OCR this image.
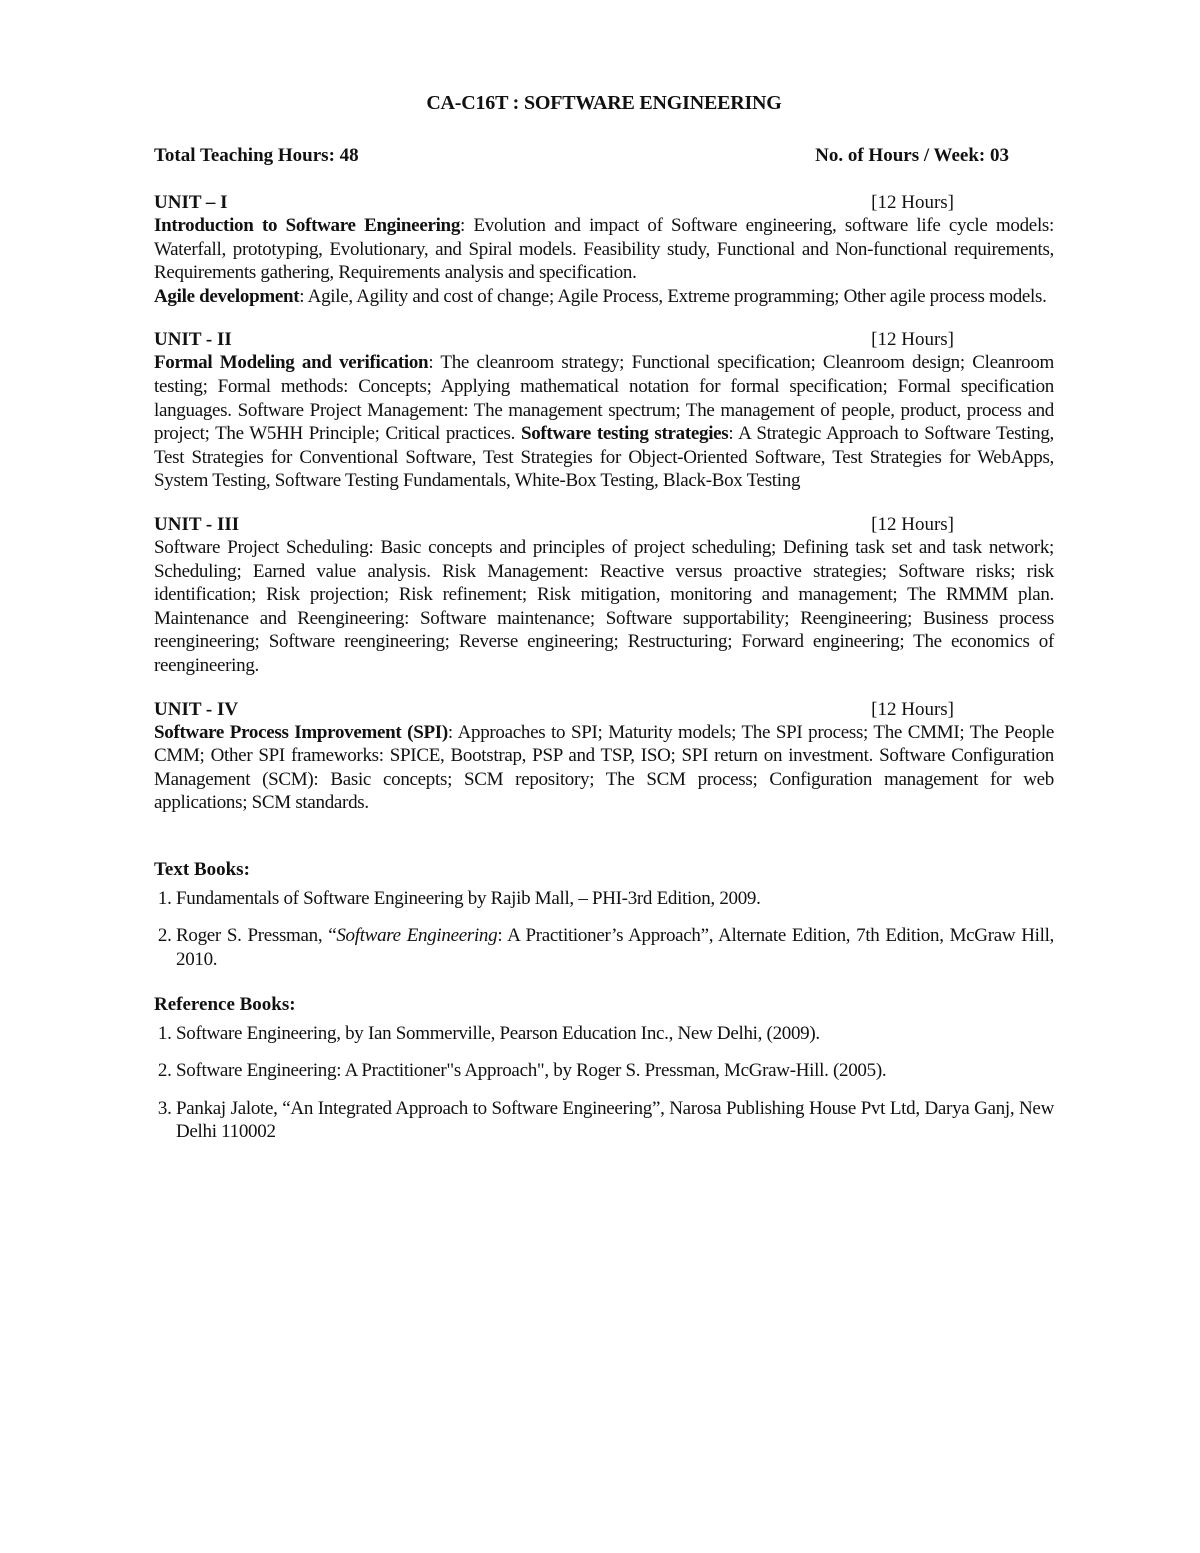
CA-C16T : SOFTWARE ENGINEERING
Total Teaching Hours: 48	No. of Hours / Week: 03
UNIT – I	[12 Hours]

Introduction to Software Engineering: Evolution and impact of Software engineering, software life cycle models: Waterfall, prototyping, Evolutionary, and Spiral models. Feasibility study, Functional and Non-functional requirements, Requirements gathering, Requirements analysis and specification.
Agile development: Agile, Agility and cost of change; Agile Process, Extreme programming; Other agile process models.

UNIT - II	[12 Hours]

Formal Modeling and verification: The cleanroom strategy; Functional specification; Cleanroom design; Cleanroom testing; Formal methods: Concepts; Applying mathematical notation for formal specification; Formal specification languages. Software Project Management: The management spectrum; The management of people, product, process and project; The W5HH Principle; Critical practices. Software testing strategies: A Strategic Approach to Software Testing, Test Strategies for Conventional Software, Test Strategies for Object-Oriented Software, Test Strategies for WebApps, System Testing, Software Testing Fundamentals, White-Box Testing, Black-Box Testing

UNIT - III	[12 Hours]

Software Project Scheduling: Basic concepts and principles of project scheduling; Defining task set and task network; Scheduling; Earned value analysis. Risk Management: Reactive versus proactive strategies; Software risks; risk identification; Risk projection; Risk refinement; Risk mitigation, monitoring and management; The RMMM plan. Maintenance and Reengineering: Software maintenance; Software supportability; Reengineering; Business process reengineering; Software reengineering; Reverse engineering; Restructuring; Forward engineering; The economics of reengineering.

UNIT - IV	[12 Hours]

Software Process Improvement (SPI): Approaches to SPI; Maturity models; The SPI process; The CMMI; The People CMM; Other SPI frameworks: SPICE, Bootstrap, PSP and TSP, ISO; SPI return on investment. Software Configuration Management (SCM): Basic concepts; SCM repository; The SCM process; Configuration management for web applications; SCM standards.

Text Books:
1. Fundamentals of Software Engineering by Rajib Mall, – PHI-3rd Edition, 2009.
2. Roger S. Pressman, “Software Engineering: A Practitioner’s Approach”, Alternate Edition, 7th Edition, McGraw Hill, 2010.
Reference Books:
1. Software Engineering, by Ian Sommerville, Pearson Education Inc., New Delhi, (2009).
2. Software Engineering: A Practitioner"s Approach", by Roger S. Pressman, McGraw-Hill. (2005).
3. Pankaj Jalote, “An Integrated Approach to Software Engineering”, Narosa Publishing House Pvt Ltd, Darya Ganj, New Delhi 110002
